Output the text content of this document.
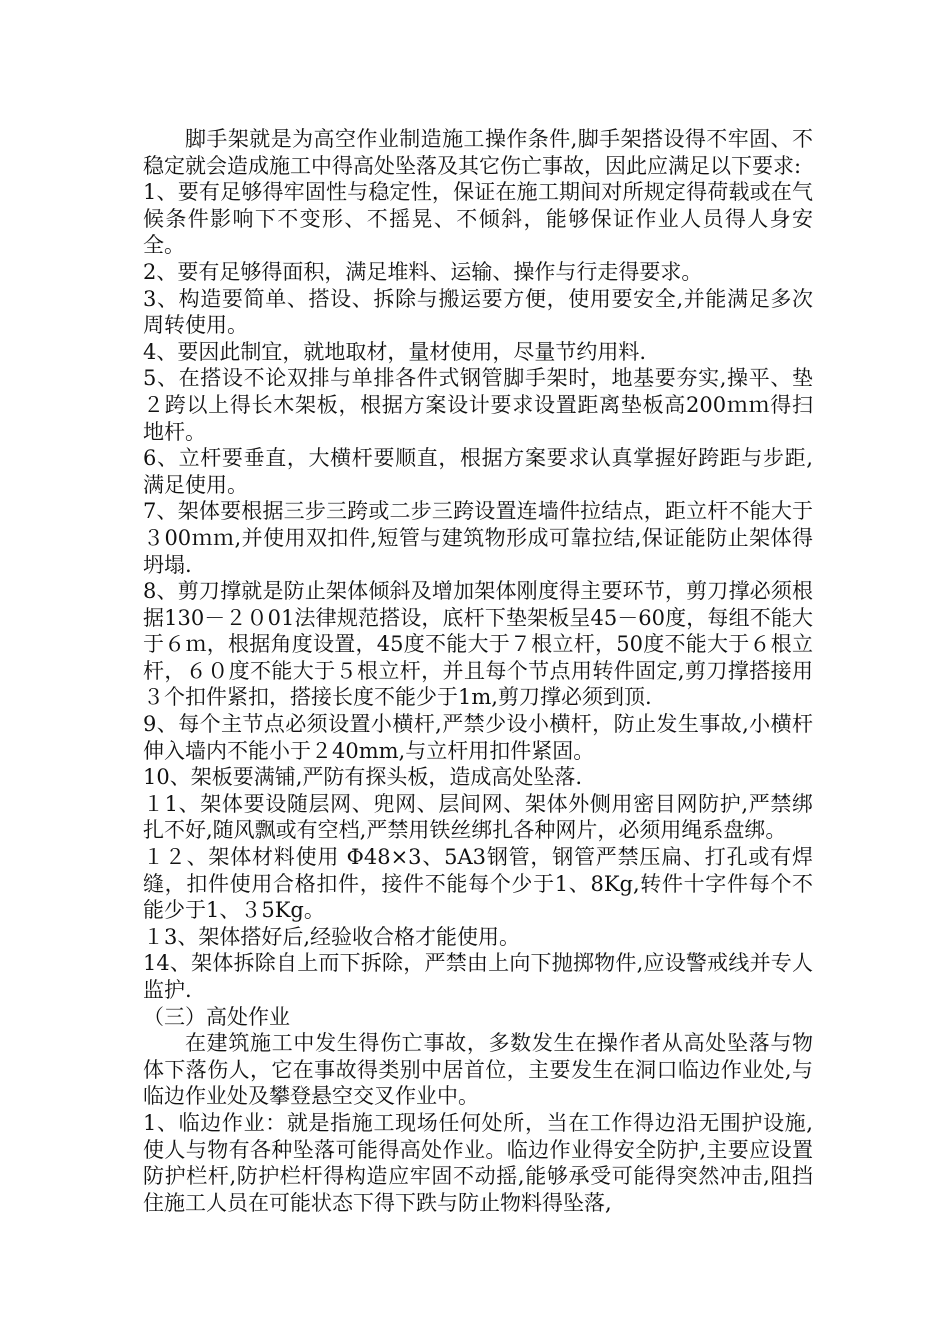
脚手架就是为高空作业制造施工操作条件,脚手架搭设得不牢固、不稳定就会造成施工中得高处坠落及其它伤亡事故，因此应满足以下要求:

1、要有足够得牢固性与稳定性，保证在施工期间对所规定得荷载或在气候条件影响下不变形、不摇晃、不倾斜，能够保证作业人员得人身安全。

2、要有足够得面积，满足堆料、运输、操作与行走得要求。

3、构造要简单、搭设、拆除与搬运要方便，使用要安全,并能满足多次周转使用。

4、要因此制宜，就地取材，量材使用，尽量节约用料.

5、在搭设不论双排与单排各件式钢管脚手架时，地基要夯实,操平、垫２跨以上得长木架板，根据方案设计要求设置距离垫板高200ｍｍ得扫地杆。

6、立杆要垂直，大横杆要顺直，根据方案要求认真掌握好跨距与步距,满足使用。

7、架体要根据三步三跨或二步三跨设置连墙件拉结点，距立杆不能大于３00ｍｍ,并使用双扣件,短管与建筑物形成可靠拉结,保证能防止架体得坍塌.

8、剪刀撑就是防止架体倾斜及增加架体刚度得主要环节，剪刀撑必须根据130－２０01法律规范搭设，底杆下垫架板呈45－60度，每组不能大于６ｍ，根据角度设置，45度不能大于７根立杆，50度不能大于６根立杆，６０度不能大于５根立杆，并且每个节点用转件固定,剪刀撑搭接用３个扣件紧扣，搭接长度不能少于1m,剪刀撑必须到顶.

9、每个主节点必须设置小横杆,严禁少设小横杆，防止发生事故,小横杆伸入墙内不能小于２40mm,与立杆用扣件紧固。

10、架板要满铺,严防有探头板，造成高处坠落.

１1、架体要设随层网、兜网、层间网、架体外侧用密目网防护,严禁绑扎不好,随风飘或有空档,严禁用铁丝绑扎各种网片，必须用绳系盘绑。

１２、架体材料使用 Φ48×3、5A3钢管，钢管严禁压扁、打孔或有焊缝，扣件使用合格扣件，接件不能每个少于1、8Kg,转件十字件每个不能少于1、３5Kg。

１3、架体搭好后,经验收合格才能使用。

14、架体拆除自上而下拆除，严禁由上向下抛掷物件,应设警戒线并专人监护.

（三）高处作业

在建筑施工中发生得伤亡事故，多数发生在操作者从高处坠落与物体下落伤人，它在事故得类别中居首位，主要发生在洞口临边作业处,与临边作业处及攀登悬空交叉作业中。

1、临边作业：就是指施工现场任何处所，当在工作得边沿无围护设施,使人与物有各种坠落可能得高处作业。临边作业得安全防护,主要应设置防护栏杆,防护栏杆得构造应牢固不动摇,能够承受可能得突然冲击,阻挡住施工人员在可能状态下得下跌与防止物料得坠落,
